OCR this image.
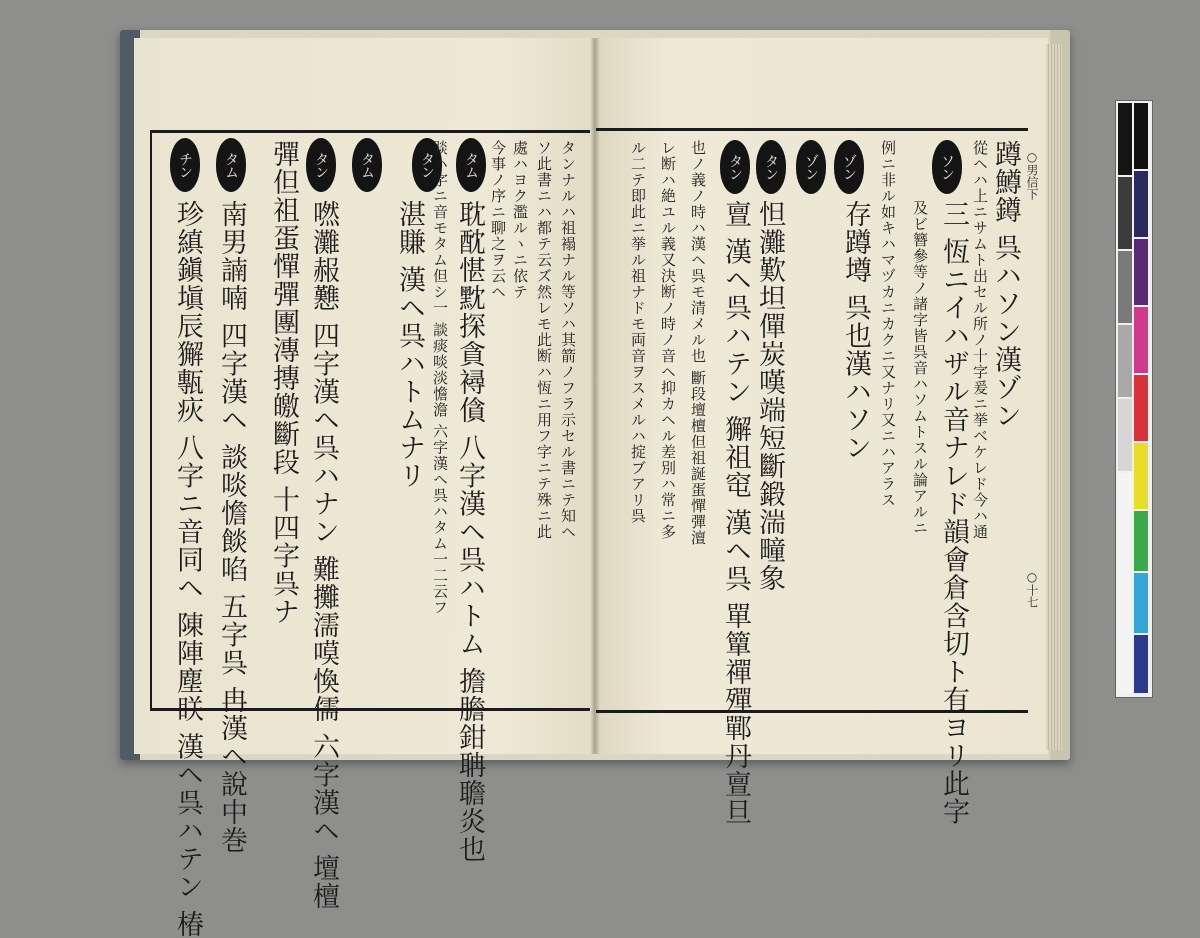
○男信下
○十七
ソン
ゾン
ゾン
タン
タン	蹲鱒鐏 呉ハソン漢ゾン
從ヘハ上ニサムト出セル所ノ十字爰ニ挙ベケレド今ハ通
三 恆ニイハザル音ナレド韻會倉含切ト有ヨリ此字
及ビ簪參等ノ諸字皆呉音ハソムトスル論アルニ
例ニ非ル如キハマヅカニカクニ又ナリ又ニハアラス
存蹲墫 呉也漢ハソン
怛灘歎坦僤炭嘆端短斷鍛湍疃象
亶 漢ヘ呉ハテン 獬祖窀 漢ヘ呉 單簞禪殫鄲丹亶旦
也ノ義ノ時ハ漢ヘ呉モ清メル也 斷段壇檀但祖誕蛋憚彈澶
レ断ハ絶ユル義又決断ノ時ノ音ヘ抑カヘル差別ハ常ニ多
ル二テ即此ニ挙ル祖ナドモ両音ヲスメルハ掟ブアリ呉
タム
タン
タム
タン
タム
チン
耽酖愖黕探貪襑僋 八字漢ヘ呉ハトム 擔膽鉗聃聸炎也	タンナルハ祖褟ナル等ソハ其箭ノフラ示セル書ニテ知ヘ
ソ此書ニハ都テ云ズ然レモ此断ハ恆ニ用フ字ニテ殊ニ此
處ハヨク濫ルヽニ依テ
今事ノ序ニ聊之ヲ云ヘ
賧ハ字ニ音モタム但シ一 談痰啖淡憺澹 六字漢ヘ呉ハタム一二云フ
湛賺 漢ヘ呉ハトムナリ
嘫灘赧戁 四字漢ヘ呉ハナン 難攤濡嗼愌儒 六字漢ヘ 壇檀
彈但祖蛋憚彈團漙摶皦斷段 十四字呉ナ
南男諵喃 四字漢ヘ 談啖憺餤啗 五字呉 冉漢ヘ說中巻
珍縝鎭塡辰獬甎疢 八字ニ音同ヘ 陳陣塵眹 漢ヘ呉ハテン 椿
